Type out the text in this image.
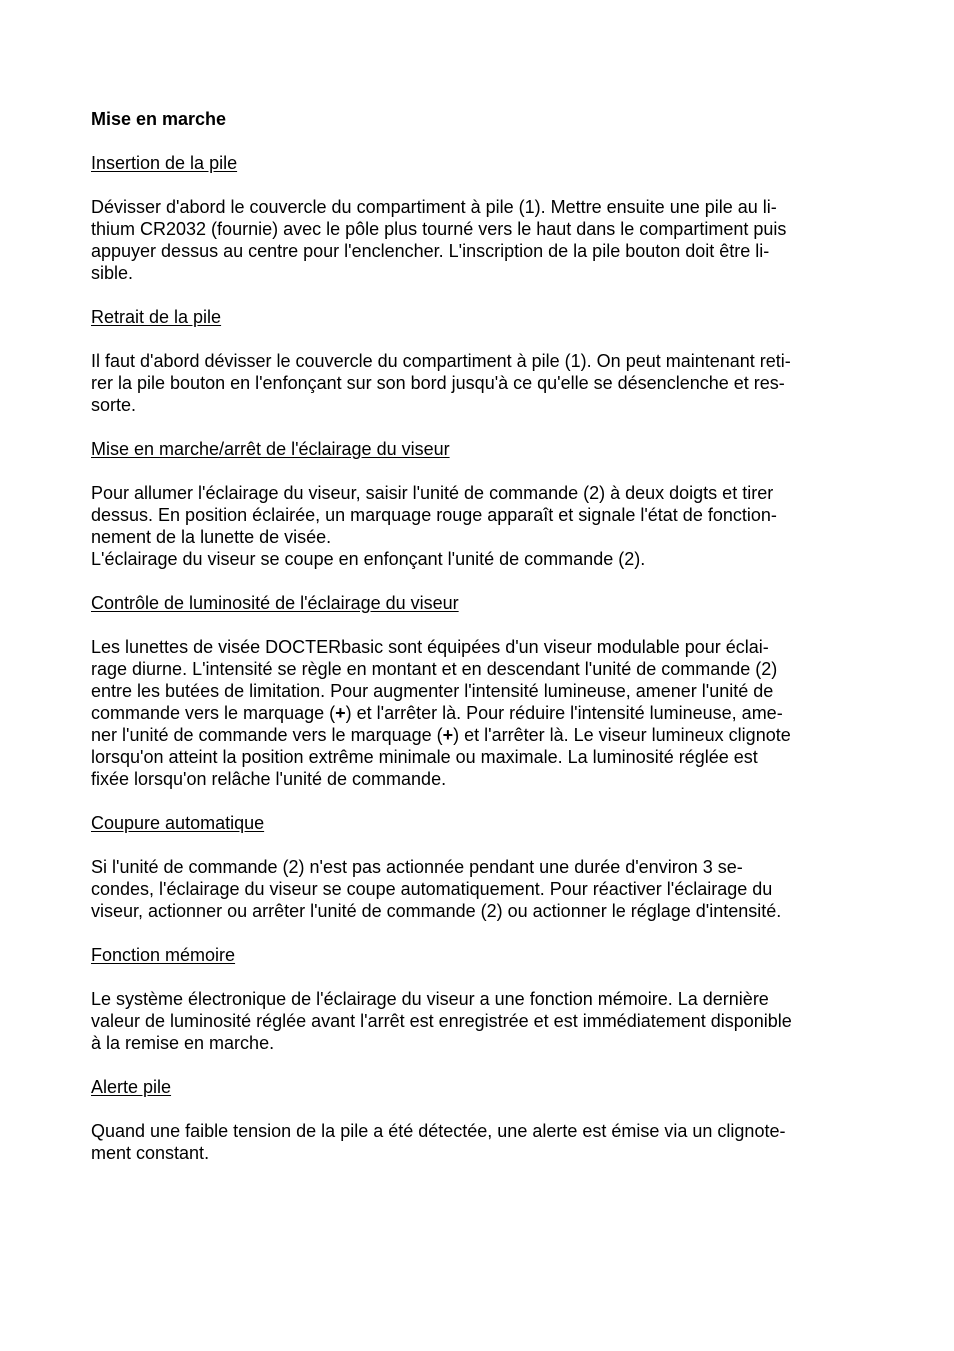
Mise en marche
Insertion de la pile
Dévisser d'abord le couvercle du compartiment à pile (1). Mettre ensuite une pile au li-
thium CR2032 (fournie) avec le pôle plus tourné vers le haut dans le compartiment puis
appuyer dessus au centre pour l'enclencher. L'inscription de la pile bouton doit être li-
sible.
Retrait de la pile
Il faut d'abord dévisser le couvercle du compartiment à pile (1). On peut maintenant reti-
rer la pile bouton en l'enfonçant sur son bord jusqu'à ce qu'elle se désenclenche et res-
sorte.
Mise en marche/arrêt de l'éclairage du viseur
Pour allumer l'éclairage du viseur, saisir l'unité de commande (2) à deux doigts et tirer
dessus. En position éclairée, un marquage rouge apparaît et signale l'état de fonction-
nement de la lunette de visée.
L'éclairage du viseur se coupe en enfonçant l'unité de commande (2).
Contrôle de luminosité de l'éclairage du viseur
Les lunettes de visée DOCTERbasic sont équipées d'un viseur modulable pour éclai-
rage diurne. L'intensité se règle en montant et en descendant l'unité de commande (2)
entre les butées de limitation. Pour augmenter l'intensité lumineuse, amener l'unité de
commande vers le marquage (+) et l'arrêter là. Pour réduire l'intensité lumineuse, ame-
ner l'unité de commande vers le marquage (+) et l'arrêter là. Le viseur lumineux clignote
lorsqu'on atteint la position extrême minimale ou maximale. La luminosité réglée est
fixée lorsqu'on relâche l'unité de commande.
Coupure automatique
Si l'unité de commande (2) n'est pas actionnée pendant une durée d'environ 3 se-
condes, l'éclairage du viseur se coupe automatiquement. Pour réactiver l'éclairage du
viseur, actionner ou arrêter l'unité de commande (2) ou actionner le réglage d'intensité.
Fonction mémoire
Le système électronique de l'éclairage du viseur a une fonction mémoire. La dernière
valeur de luminosité réglée avant l'arrêt est enregistrée et est immédiatement disponible
à la remise en marche.
Alerte pile
Quand une faible tension de la pile a été détectée, une alerte est émise via un clignote-
ment constant.
